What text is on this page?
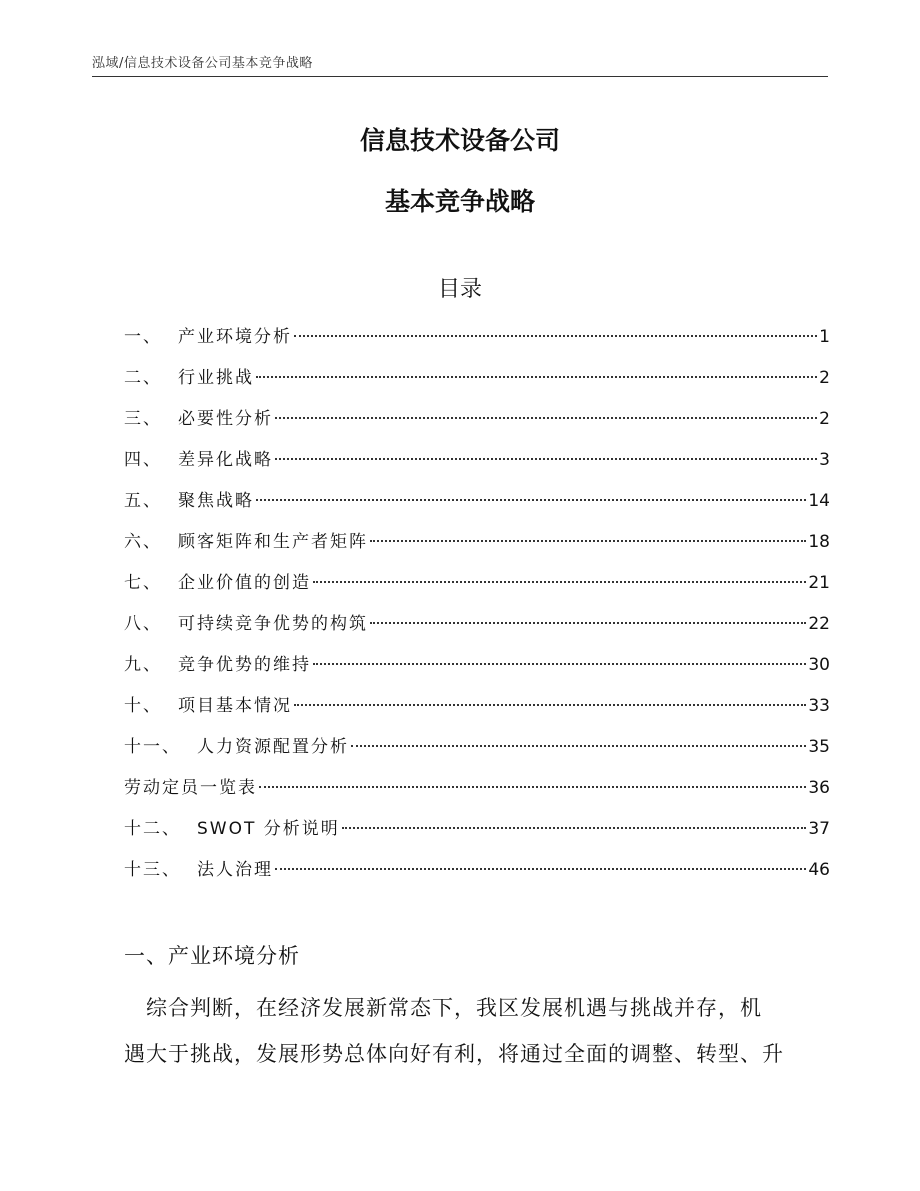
泓域/信息技术设备公司基本竞争战略
信息技术设备公司
基本竞争战略
目录
一、 产业环境分析	1
二、 行业挑战	2
三、 必要性分析	2
四、 差异化战略	3
五、 聚焦战略	14
六、 顾客矩阵和生产者矩阵	18
七、 企业价值的创造	21
八、 可持续竞争优势的构筑	22
九、 竞争优势的维持	30
十、 项目基本情况	33
十一、 人力资源配置分析	35
劳动定员一览表	36
十二、 SWOT 分析说明	37
十三、 法人治理	46
一、产业环境分析
　综合判断，在经济发展新常态下，我区发展机遇与挑战并存，机
遇大于挑战，发展形势总体向好有利，将通过全面的调整、转型、升
